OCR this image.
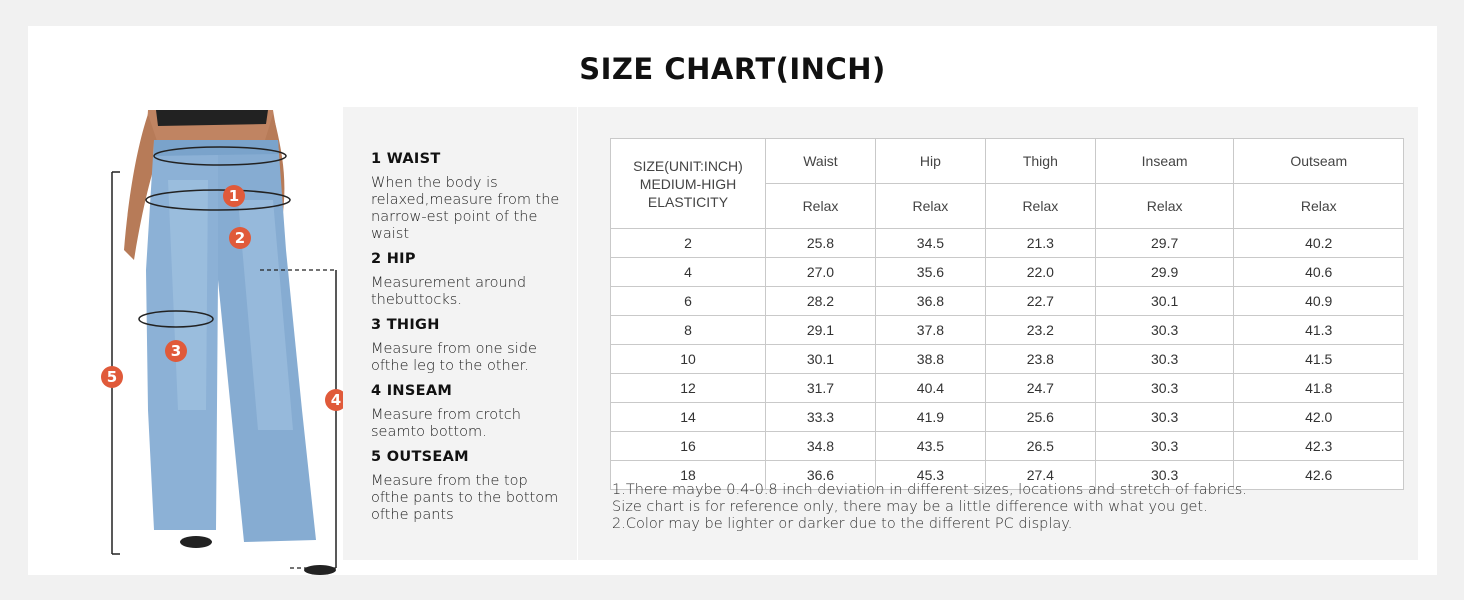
SIZE CHART(INCH)
1
2
3
4
5
1 WAIST

When the body is relaxed,measure from the narrow-est point of the waist

2 HIP

Measurement around thebuttocks.

3 THIGH

Measure from one side ofthe leg to the other.

4 INSEAM

Measure from crotch seamto bottom.

5 OUTSEAM

Measure from the top ofthe pants to the bottom ofthe pants

SIZE(UNIT:INCH)
MEDIUM-HIGH
ELASTICITY	Waist	Hip	Thigh	Inseam	Outseam
	Relax	Relax	Relax	Relax	Relax
2	25.8	34.5	21.3	29.7	40.2
4	27.0	35.6	22.0	29.9	40.6
6	28.2	36.8	22.7	30.1	40.9
8	29.1	37.8	23.2	30.3	41.3
10	30.1	38.8	23.8	30.3	41.5
12	31.7	40.4	24.7	30.3	41.8
14	33.3	41.9	25.6	30.3	42.0
16	34.8	43.5	26.5	30.3	42.3
18	36.6	45.3	27.4	30.3	42.6
1.There maybe 0.4-0.8 inch deviation in different sizes, locations and stretch of fabrics.
Size chart is for reference only, there may be a little difference with what you get.
2.Color may be lighter or darker due to the different PC display.
